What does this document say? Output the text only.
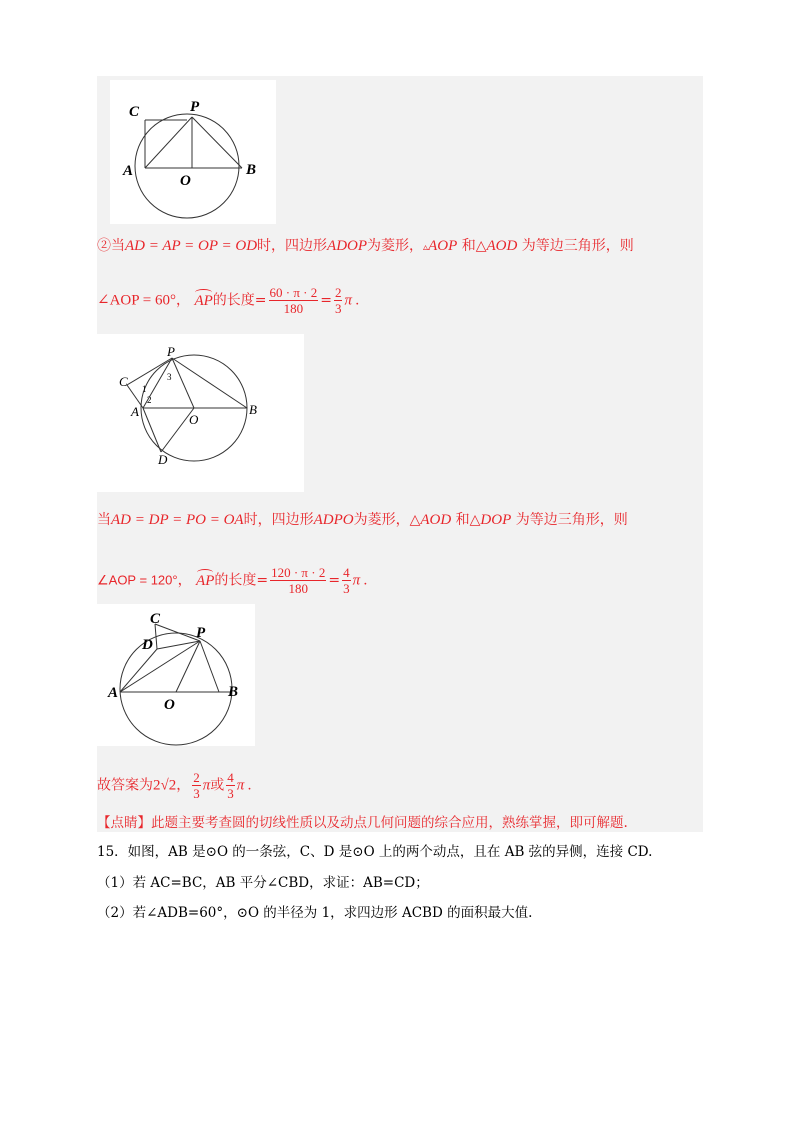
C	P
A
O
B
②当AD = AP = OP = OD时，四边形ADOP为菱形，▵AOP 和△AOD 为等边三角形，则
∠AOP = 60°， AP的长度= $\frac{60 \cdot \pi \cdot 2}{180} = \frac{2}{3}$ π .
P
C
A
O
B
D
1
2
3
当AD = DP = PO = OA时，四边形ADPO为菱形，△AOD 和△DOP 为等边三角形，则
∠AOP = 120°， AP的长度= $\frac{120 \cdot \pi \cdot 2}{180} = \frac{4}{3}$ π .
C
D
P
A
O
B
故答案为2√2， $\frac{2}{3}$ π或 $\frac{4}{3}$ π .
【点睛】此题主要考查圆的切线性质以及动点几何问题的综合应用，熟练掌握，即可解题.
15．如图，AB 是⊙O 的一条弦，C、D 是⊙O 上的两个动点，且在 AB 弦的异侧，连接 CD.
（1）若 AC=BC，AB 平分∠CBD，求证：AB=CD；
（2）若∠ADB=60°，⊙O 的半径为 1，求四边形 ACBD 的面积最大值.
